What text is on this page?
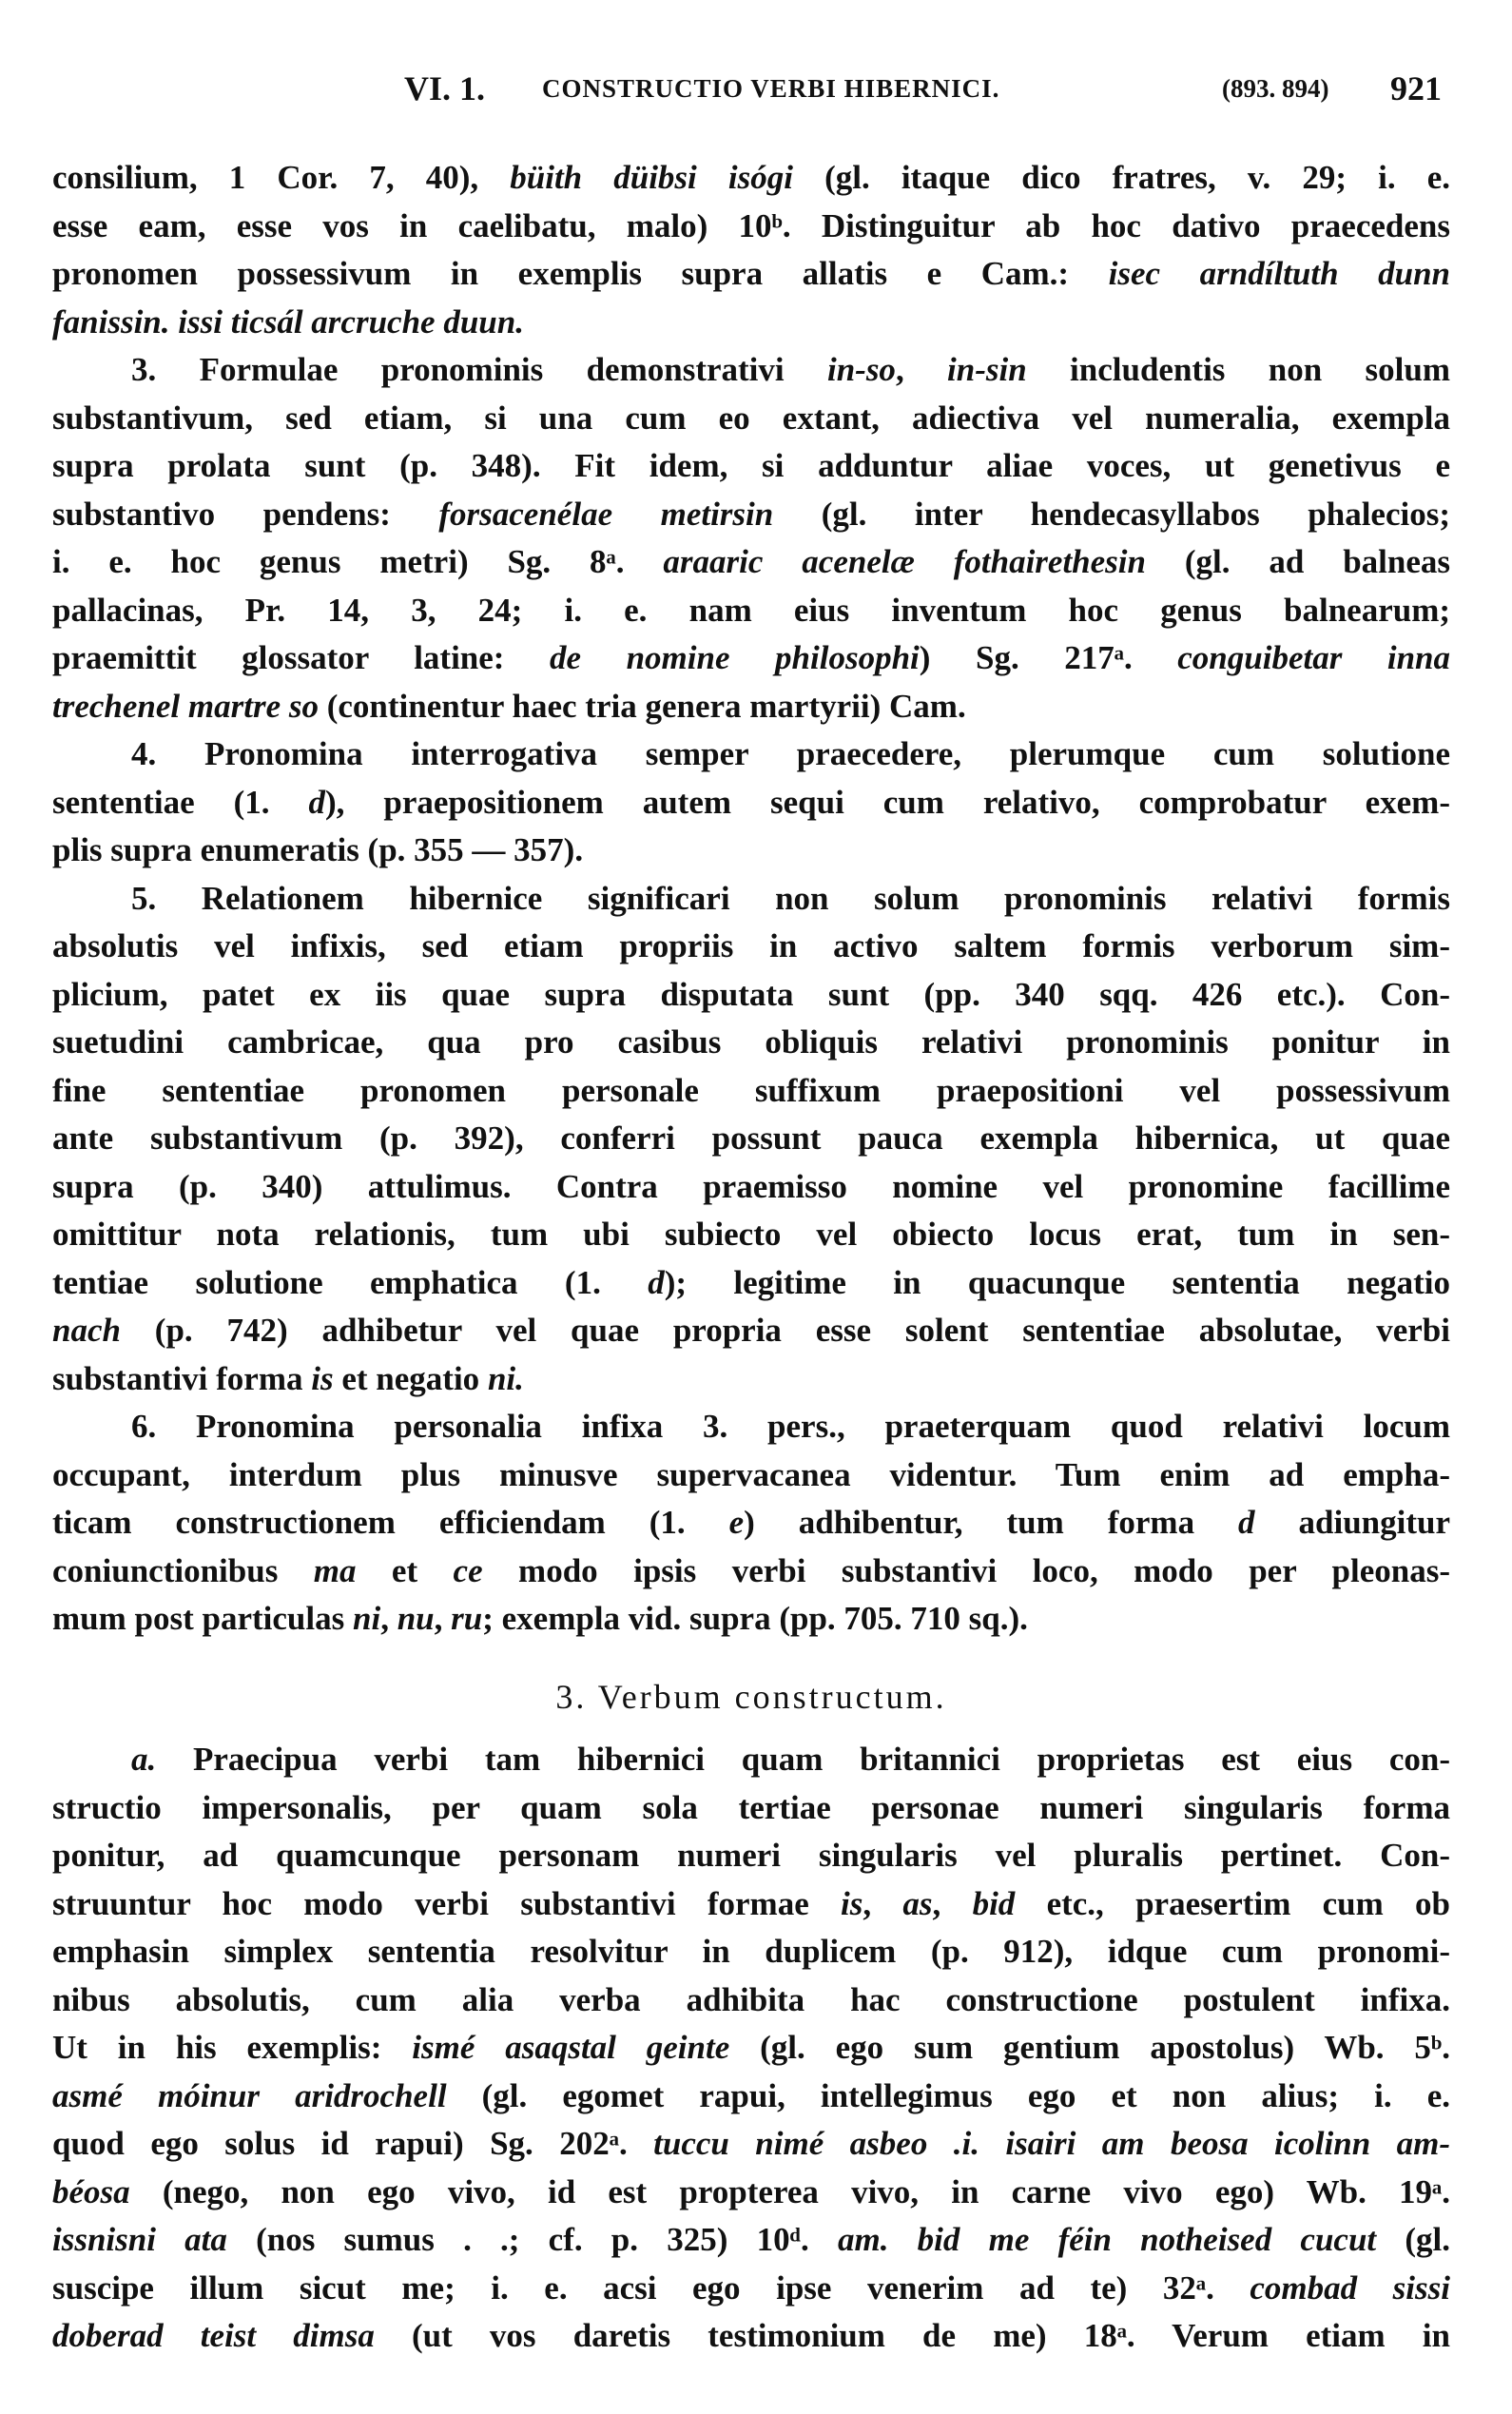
VI. 1. CONSTRUCTIO VERBI HIBERNICI.	(893. 894) 921
consilium, 1 Cor. 7, 40), büith düibsi isógi (gl. itaque dico fratres, v. 29; i. e.
esse eam, esse vos in caelibatu, malo) 10ᵇ. Distinguitur ab hoc dativo praecedens
pronomen possessivum in exemplis supra allatis e Cam.: isec arndíltuth dunn
fanissin. issi ticsál arcruche duun.
3. Formulae pronominis demonstrativi in-so, in-sin includentis non solum
substantivum, sed etiam, si una cum eo extant, adiectiva vel numeralia, exempla
supra prolata sunt (p. 348). Fit idem, si adduntur aliae voces, ut genetivus e
substantivo pendens: forsacenélae metirsin (gl. inter hendecasyllabos phalecios;
i. e. hoc genus metri) Sg. 8ᵃ. araaric acenelæ fothairethesin (gl. ad balneas
pallacinas, Pr. 14, 3, 24; i. e. nam eius inventum hoc genus balnearum;
praemittit glossator latine: de nomine philosophi) Sg. 217ᵃ. conguibetar inna
trechenel martre so (continentur haec tria genera martyrii) Cam.
4. Pronomina interrogativa semper praecedere, plerumque cum solutione
sententiae (1. d), praepositionem autem sequi cum relativo, comprobatur exem-
plis supra enumeratis (p. 355 — 357).
5. Relationem hibernice significari non solum pronominis relativi formis
absolutis vel infixis, sed etiam propriis in activo saltem formis verborum sim-
plicium, patet ex iis quae supra disputata sunt (pp. 340 sqq. 426 etc.). Con-
suetudini cambricae, qua pro casibus obliquis relativi pronominis ponitur in
fine sententiae pronomen personale suffixum praepositioni vel possessivum
ante substantivum (p. 392), conferri possunt pauca exempla hibernica, ut quae
supra (p. 340) attulimus. Contra praemisso nomine vel pronomine facillime
omittitur nota relationis, tum ubi subiecto vel obiecto locus erat, tum in sen-
tentiae solutione emphatica (1. d); legitime in quacunque sententia negatio
nach (p. 742) adhibetur vel quae propria esse solent sententiae absolutae, verbi
substantivi forma is et negatio ni.
6. Pronomina personalia infixa 3. pers., praeterquam quod relativi locum
occupant, interdum plus minusve supervacanea videntur. Tum enim ad empha-
ticam constructionem efficiendam (1. e) adhibentur, tum forma d adiungitur
coniunctionibus ma et ce modo ipsis verbi substantivi loco, modo per pleonas-
mum post particulas ni, nu, ru; exempla vid. supra (pp. 705. 710 sq.).
3. Verbum constructum.
a. Praecipua verbi tam hibernici quam britannici proprietas est eius con-
structio impersonalis, per quam sola tertiae personae numeri singularis forma
ponitur, ad quamcunque personam numeri singularis vel pluralis pertinet. Con-
struuntur hoc modo verbi substantivi formae is, as, bid etc., praesertim cum ob
emphasin simplex sententia resolvitur in duplicem (p. 912), idque cum pronomi-
nibus absolutis, cum alia verba adhibita hac constructione postulent infixa.
Ut in his exemplis: ismé asaqstal geinte (gl. ego sum gentium apostolus) Wb. 5ᵇ.
asmé móinur aridrochell (gl. egomet rapui, intellegimus ego et non alius; i. e.
quod ego solus id rapui) Sg. 202ᵃ. tuccu nimé asbeo .i. isairi am beosa icolinn am-
béosa (nego, non ego vivo, id est propterea vivo, in carne vivo ego) Wb. 19ᵃ.
issnisni ata (nos sumus . .; cf. p. 325) 10ᵈ. am. bid me féin notheised cucut (gl.
suscipe illum sicut me; i. e. acsi ego ipse venerim ad te) 32ᵃ. combad sissi
doberad teist dimsa (ut vos daretis testimonium de me) 18ᵃ. Verum etiam in
